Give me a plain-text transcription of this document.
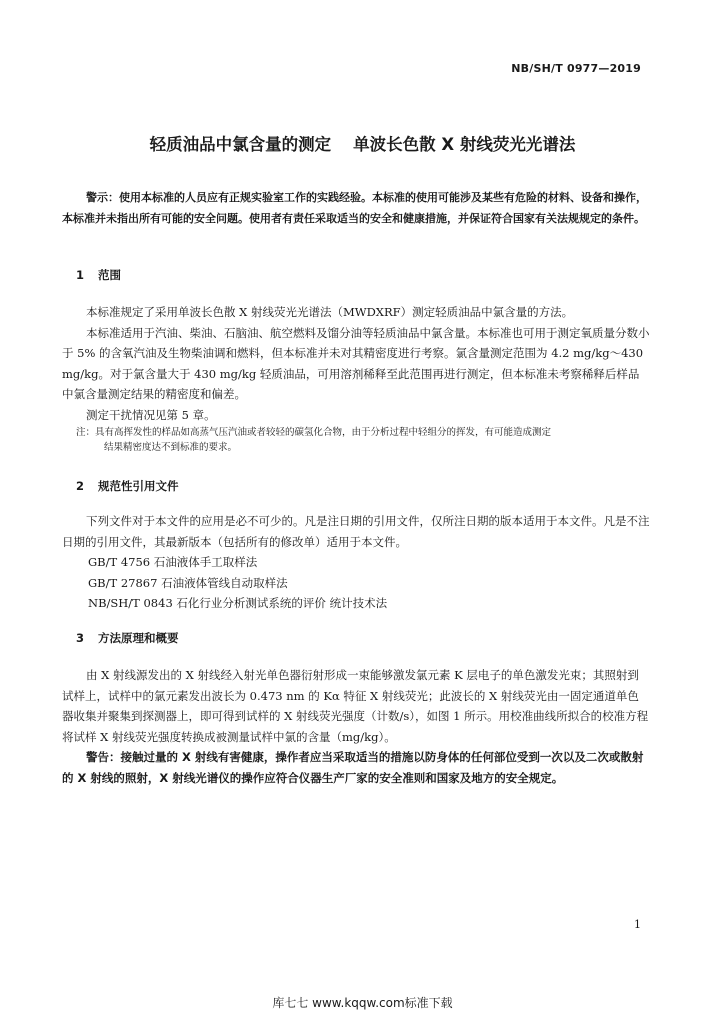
NB/SH/T 0977—2019
轻质油品中氯含量的测定 单波长色散 X 射线荧光光谱法
警示：使用本标准的人员应有正规实验室工作的实践经验。本标准的使用可能涉及某些有危险的材料、设备和操作，本标准并未指出所有可能的安全问题。使用者有责任采取适当的安全和健康措施，并保证符合国家有关法规规定的条件。
1 范围

本标准规定了采用单波长色散 X 射线荧光光谱法（MWDXRF）测定轻质油品中氯含量的方法。

本标准适用于汽油、柴油、石脑油、航空燃料及馏分油等轻质油品中氯含量。本标准也可用于测定氧质量分数小于 5% 的含氧汽油及生物柴油调和燃料，但本标准并未对其精密度进行考察。氯含量测定范围为 4.2 mg/kg～430 mg/kg。对于氯含量大于 430 mg/kg 轻质油品，可用溶剂稀释至此范围再进行测定，但本标准未考察稀释后样品中氯含量测定结果的精密度和偏差。

测定干扰情况见第 5 章。

注：具有高挥发性的样品如高蒸气压汽油或者较轻的碳氢化合物，由于分析过程中轻组分的挥发，有可能造成测定
结果精密度达不到标准的要求。
2 规范性引用文件

下列文件对于本文件的应用是必不可少的。凡是注日期的引用文件，仅所注日期的版本适用于本文件。凡是不注日期的引用文件，其最新版本（包括所有的修改单）适用于本文件。

GB/T 4756 石油液体手工取样法

GB/T 27867 石油液体管线自动取样法

NB/SH/T 0843 石化行业分析测试系统的评价 统计技术法

3 方法原理和概要

由 X 射线源发出的 X 射线经入射光单色器衍射形成一束能够激发氯元素 K 层电子的单色激发光束；其照射到试样上，试样中的氯元素发出波长为 0.473 nm 的 Kα 特征 X 射线荧光；此波长的 X 射线荧光由一固定通道单色器收集并聚集到探测器上，即可得到试样的 X 射线荧光强度（计数/s），如图 1 所示。用校准曲线所拟合的校准方程将试样 X 射线荧光强度转换成被测量试样中氯的含量（mg/kg）。

警告：接触过量的 X 射线有害健康，操作者应当采取适当的措施以防身体的任何部位受到一次以及二次或散射的 X 射线的照射，X 射线光谱仪的操作应符合仪器生产厂家的安全准则和国家及地方的安全规定。

1
库七七 www.kqqw.com标准下载
